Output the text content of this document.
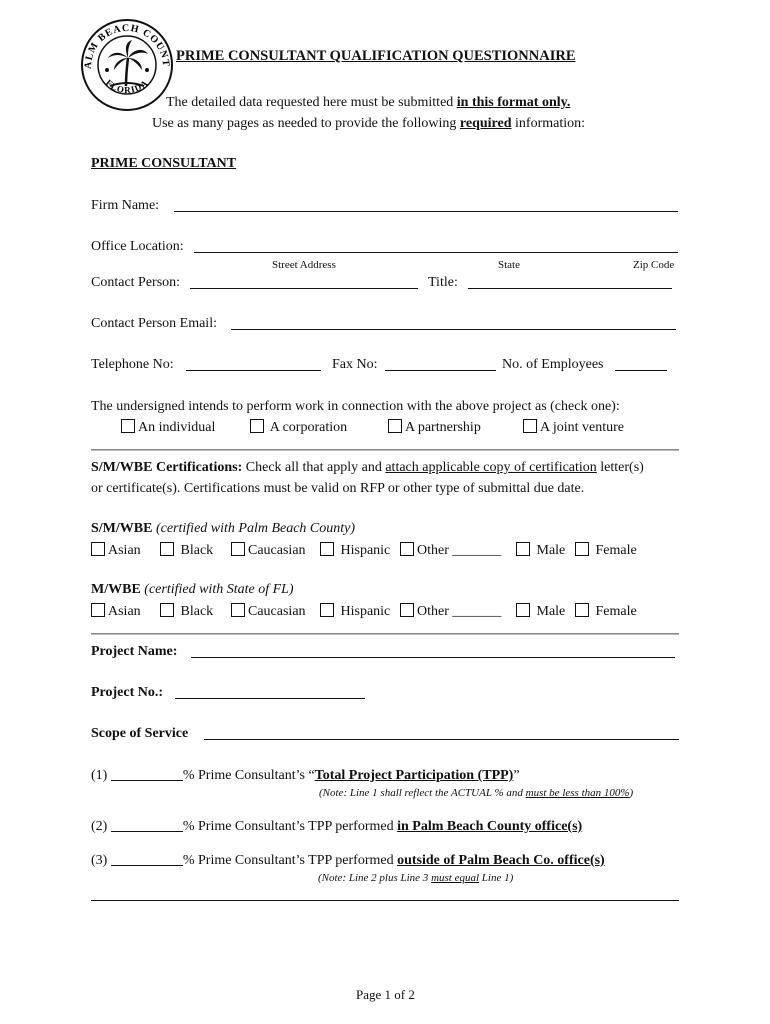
ALM BEACH COUNT
FLORIDA
PRIME CONSULTANT QUALIFICATION QUESTIONNAIRE
The detailed data requested here must be submitted in this format only.
Use as many pages as needed to provide the following required information:
PRIME CONSULTANT
Firm Name:
Office Location:
Street Address	State	Zip Code
Contact Person:	Title:
Contact Person Email:
Telephone No:	Fax No:	No. of Employees
The undersigned intends to perform work in connection with the above project as (check one):
An individual	A corporation	A partnership	A joint venture
S/M/WBE Certifications: Check all that apply and attach applicable copy of certification letter(s)
or certificate(s). Certifications must be valid on RFP or other type of submittal due date.
S/M/WBE (certified with Palm Beach County)
Asian	Black	Caucasian	Hispanic	Other _______	Male	Female
M/WBE (certified with State of FL)
Asian	Black	Caucasian	Hispanic	Other _______	Male	Female
Project Name:
Project No.:
Scope of Service
(1)	% Prime Consultant’s “Total Project Participation (TPP)”
(Note: Line 1 shall reflect the ACTUAL % and must be less than 100%)
(2)	% Prime Consultant’s TPP performed in Palm Beach County office(s)
(3)	% Prime Consultant’s TPP performed outside of Palm Beach Co. office(s)
(Note: Line 2 plus Line 3 must equal Line 1)
Page 1 of 2
